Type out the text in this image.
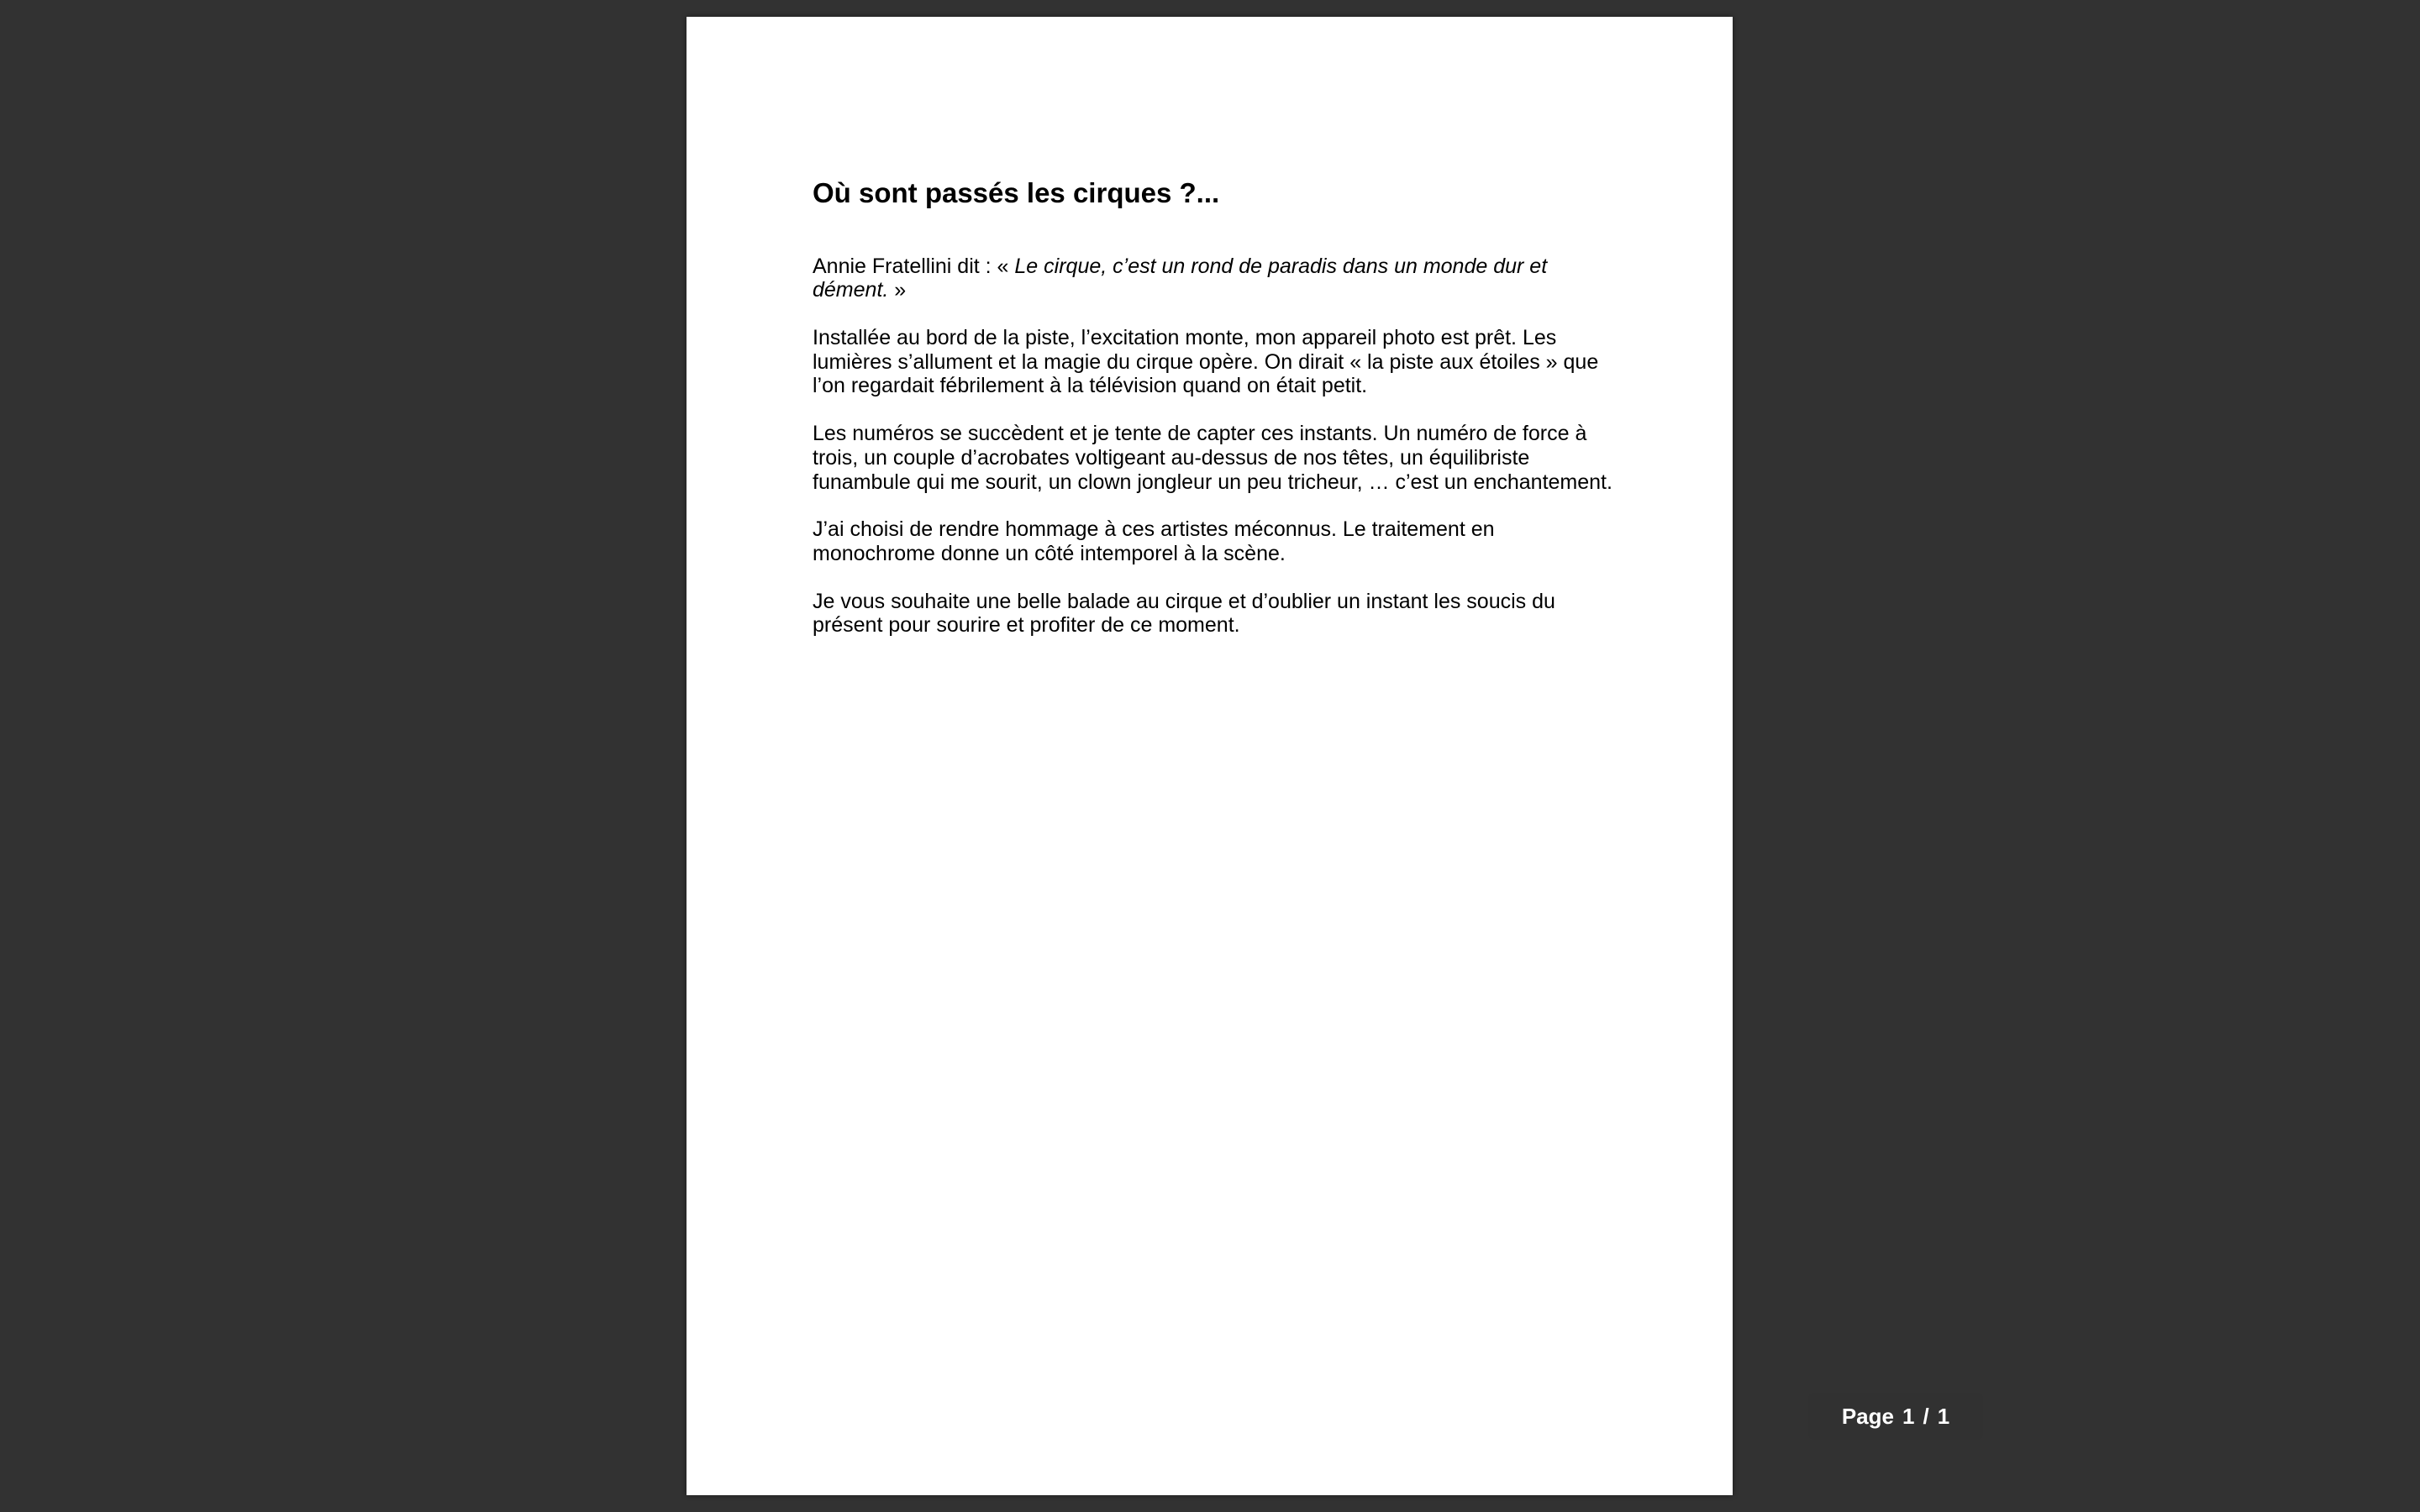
Où sont passés les cirques ?...

Annie Fratellini dit : « Le cirque, c’est un rond de paradis dans un monde dur et dément. »

Installée au bord de la piste, l’excitation monte, mon appareil photo est prêt. Les lumières s’allument et la magie du cirque opère. On dirait « la piste aux étoiles » que l’on regardait fébrilement à la télévision quand on était petit.

Les numéros se succèdent et je tente de capter ces instants. Un numéro de force à trois, un couple d’acrobates voltigeant au-dessus de nos têtes, un équilibriste funambule qui me sourit, un clown jongleur un peu tricheur, … c’est un enchantement.

J’ai choisi de rendre hommage à ces artistes méconnus. Le traitement en monochrome donne un côté intemporel à la scène.

Je vous souhaite une belle balade au cirque et d’oublier un instant les soucis du présent pour sourire et profiter de ce moment.

Page 1 / 1
